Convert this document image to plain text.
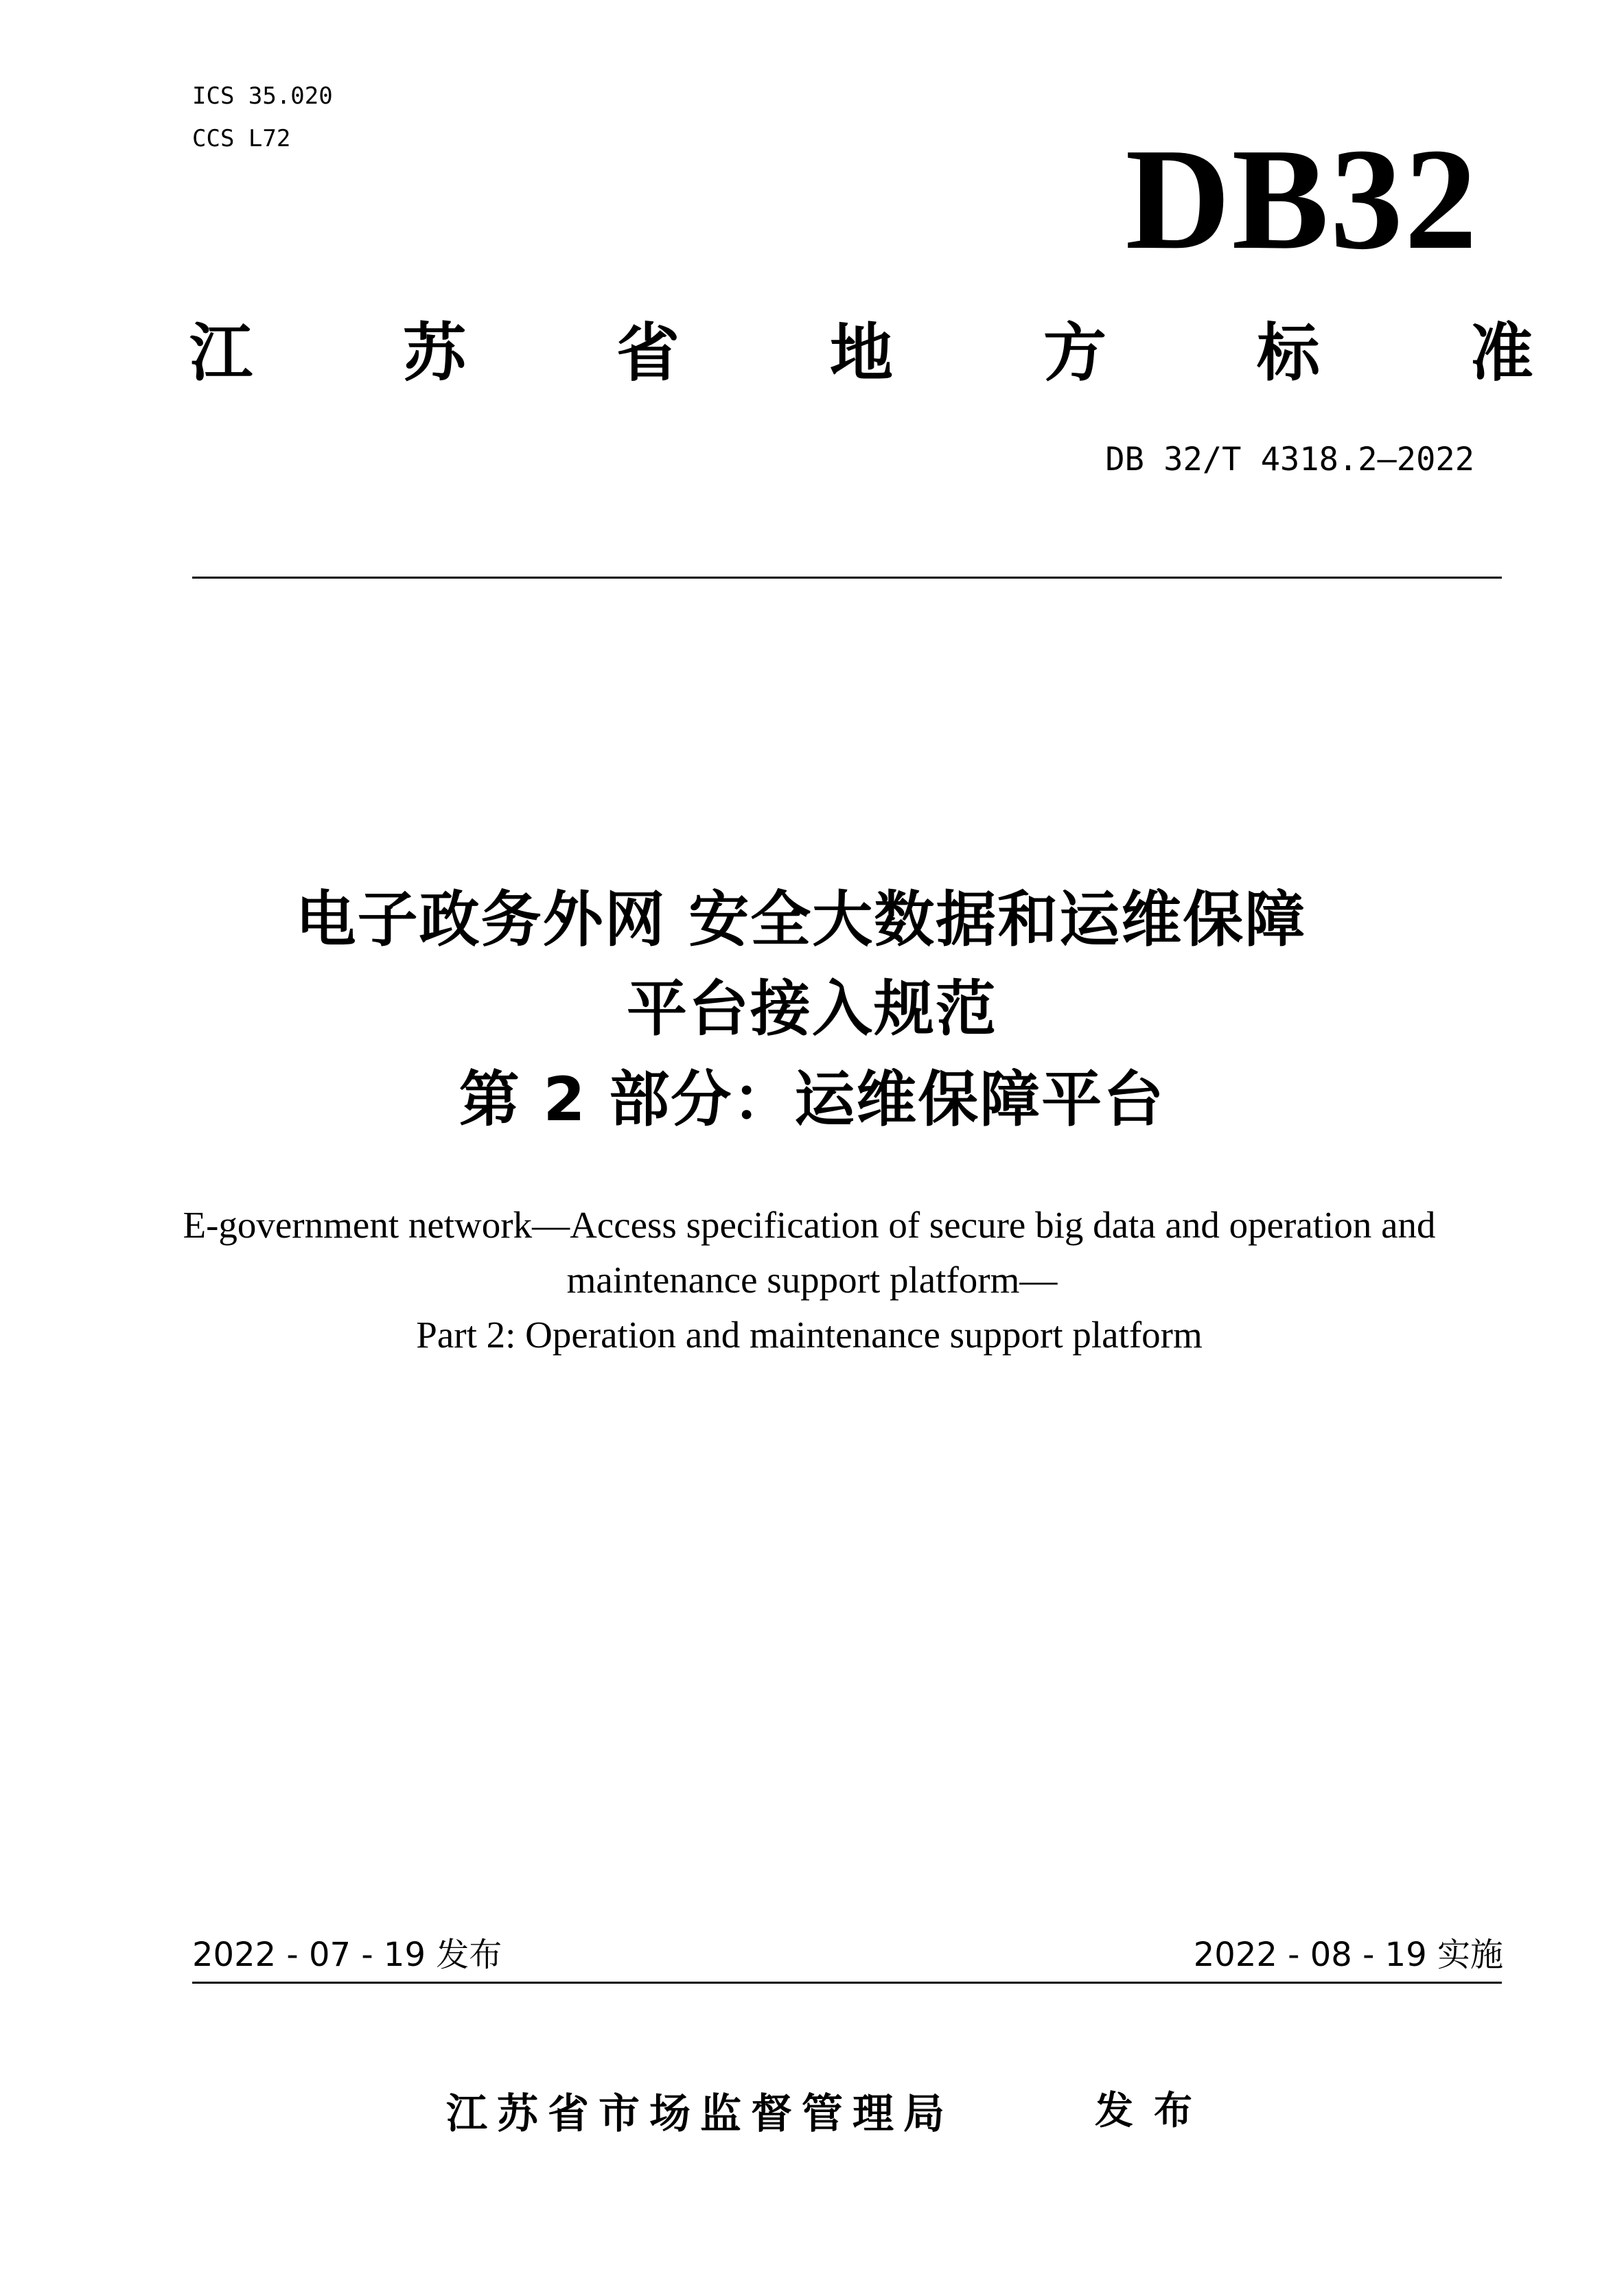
ICS 35.020
CCS L72	DB32
江 苏 省 地 方 标 准
DB 32/T 4318.2—2022
电子政务外网 安全大数据和运维保障
平台接入规范
第 2 部分：运维保障平台
E-government network—Access specification of secure big data and operation and
maintenance support platform—
Part 2: Operation and maintenance support platform
2022 - 07 - 19 发布	2022 - 08 - 19 实施
江苏省市场监督管理局	发布
